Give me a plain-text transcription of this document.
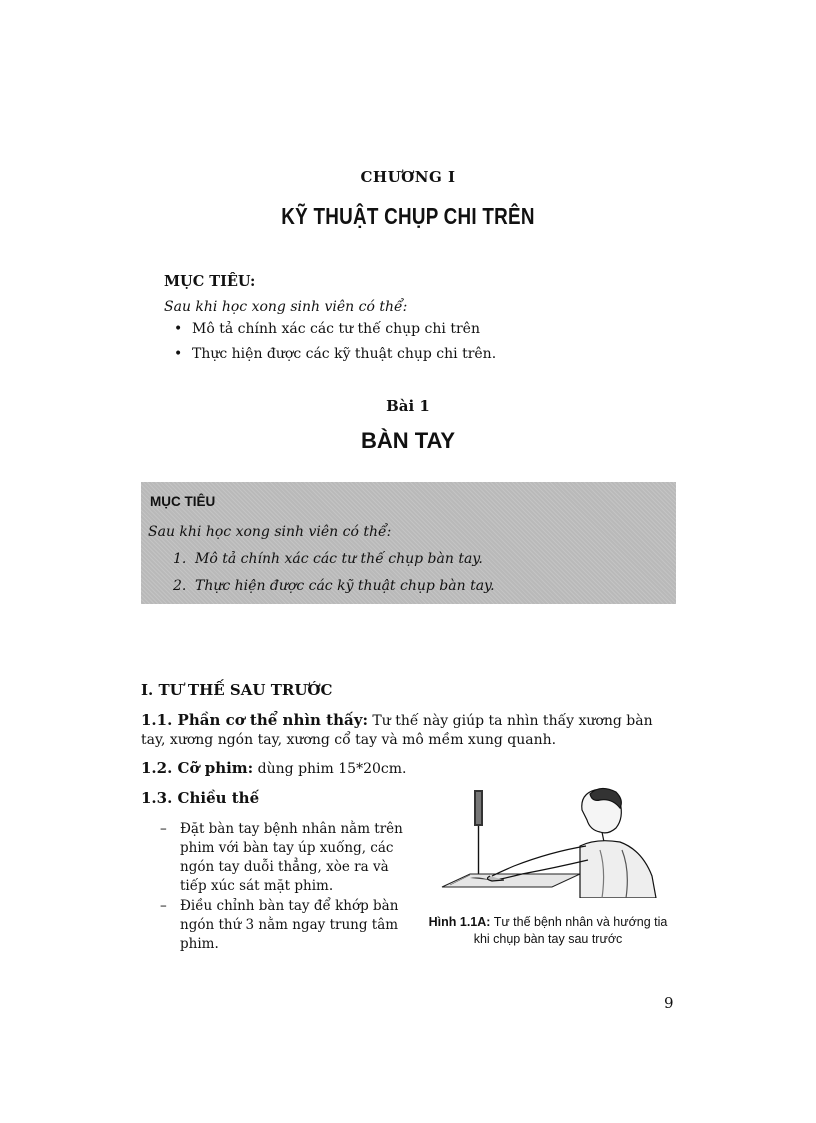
CHƯƠNG I
KỸ THUẬT CHỤP CHI TRÊN
MỤC TIÊU:
Sau khi học xong sinh viên có thể:
• Mô tả chính xác các tư thế chụp chi trên
• Thực hiện được các kỹ thuật chụp chi trên.
Bài 1
BÀN TAY
MỤC TIÊU
Sau khi học xong sinh viên có thể:
1. Mô tả chính xác các tư thế chụp bàn tay.
2. Thực hiện được các kỹ thuật chụp bàn tay.
I. TƯ THẾ SAU TRƯỚC
1.1. Phần cơ thể nhìn thấy: Tư thế này giúp ta nhìn thấy xương bàn tay, xương ngón tay, xương cổ tay và mô mềm xung quanh.
1.2. Cỡ phim: dùng phim 15*20cm.
1.3. Chiều thế
– Đặt bàn tay bệnh nhân nằm trên phim với bàn tay úp xuống, các ngón tay duỗi thẳng, xòe ra và tiếp xúc sát mặt phim.
– Điều chỉnh bàn tay để khớp bàn ngón thứ 3 nằm ngay trung tâm phim.
Hình 1.1A: Tư thế bệnh nhân và hướng tia khi chụp bàn tay sau trước
9
